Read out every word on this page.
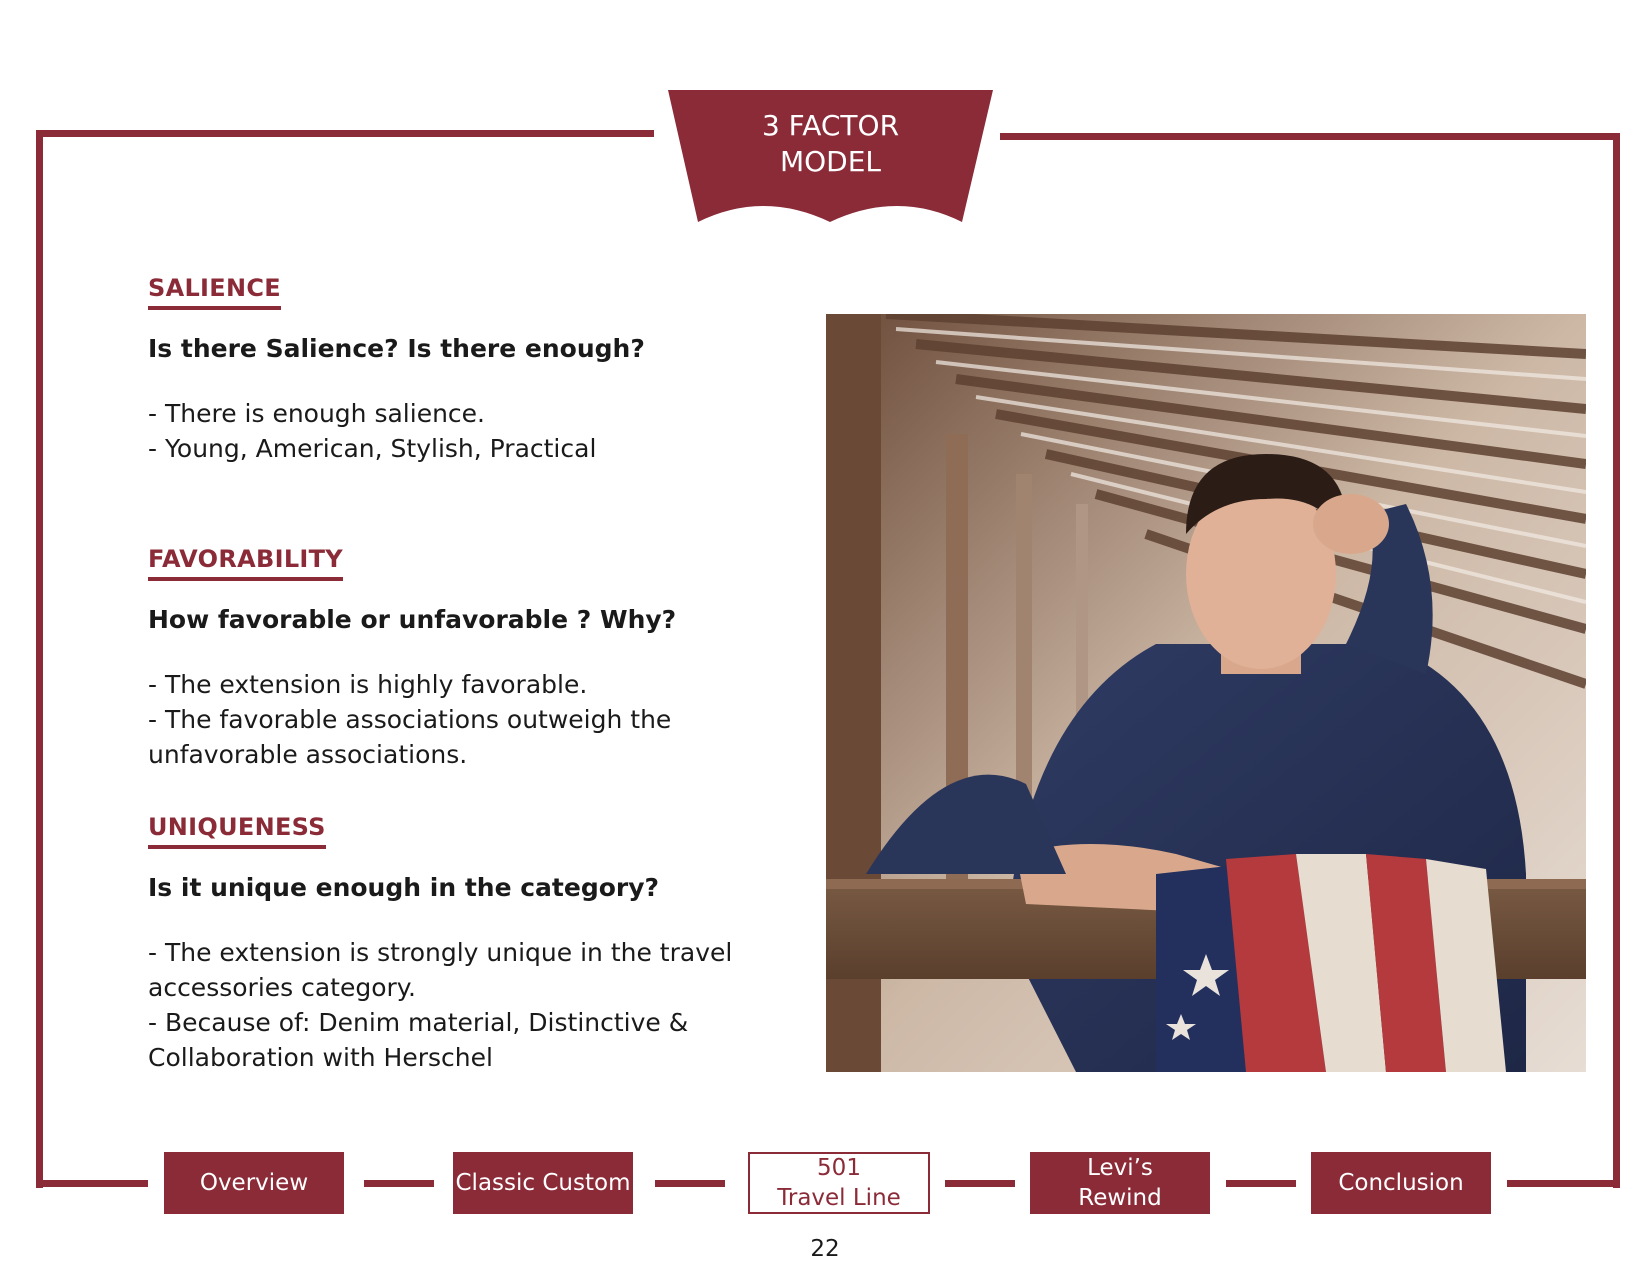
3 FACTOR
MODEL
SALIENCE
Is there Salience? Is there enough?
- There is enough salience.
- Young, American, Stylish, Practical
FAVORABILITY
How favorable or unfavorable ? Why?
- The extension is highly favorable.
- The favorable associations outweigh the
unfavorable associations.
UNIQUENESS
Is it unique enough in the category?
- The extension is strongly unique in the travel
accessories category.
- Because of: Denim material, Distinctive &
Collaboration with Herschel
Overview	Classic Custom
501
Travel Line
Levi’s
Rewind
Conclusion
22
